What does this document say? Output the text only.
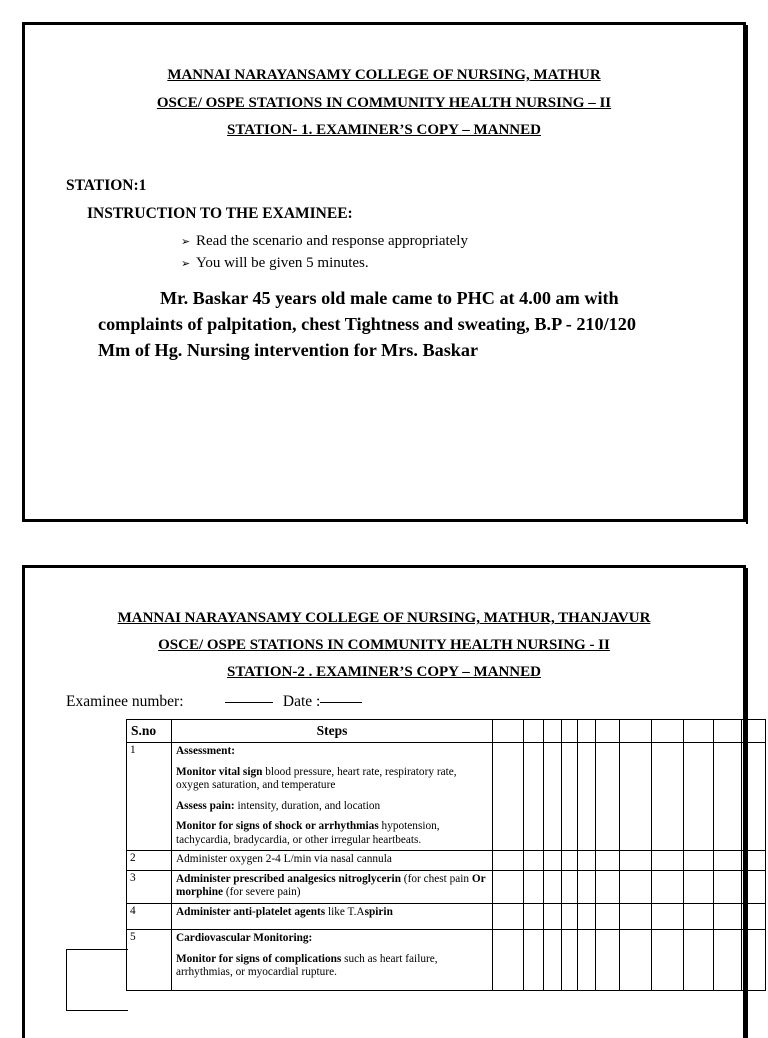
MANNAI NARAYANSAMY COLLEGE OF NURSING, MATHUR
OSCE/ OSPE STATIONS IN COMMUNITY HEALTH NURSING – II
STATION- 1. EXAMINER’S COPY – MANNED
STATION:1
INSTRUCTION TO THE EXAMINEE:
➢ Read the scenario and response appropriately
➢ You will be given 5 minutes.
Mr. Baskar 45 years old male came to PHC at 4.00 am with
complaints of palpitation, chest Tightness and sweating, B.P - 210/120
Mm of Hg. Nursing intervention for Mrs. Baskar
MANNAI NARAYANSAMY COLLEGE OF NURSING, MATHUR, THANJAVUR
OSCE/ OSPE STATIONS IN COMMUNITY HEALTH NURSING - II
STATION-2 . EXAMINER’S COPY – MANNED
Examinee number:	Date :
S.no	Steps											
1	Assessment:

Monitor vital sign blood pressure, heart rate, respiratory rate, oxygen saturation, and temperature

Assess pain: intensity, duration, and location

Monitor for signs of shock or arrhythmias hypotension, tachycardia, bradycardia, or other irregular heartbeats.											

2	Administer oxygen 2-4 L/min via nasal cannula											

3	Administer prescribed analgesics nitroglycerin (for chest pain Or morphine (for severe pain)											

4	Administer anti-platelet agents like T.Aspirin											

5	Cardiovascular Monitoring:

Monitor for signs of complications such as heart failure, arrhythmias, or myocardial rupture.											
